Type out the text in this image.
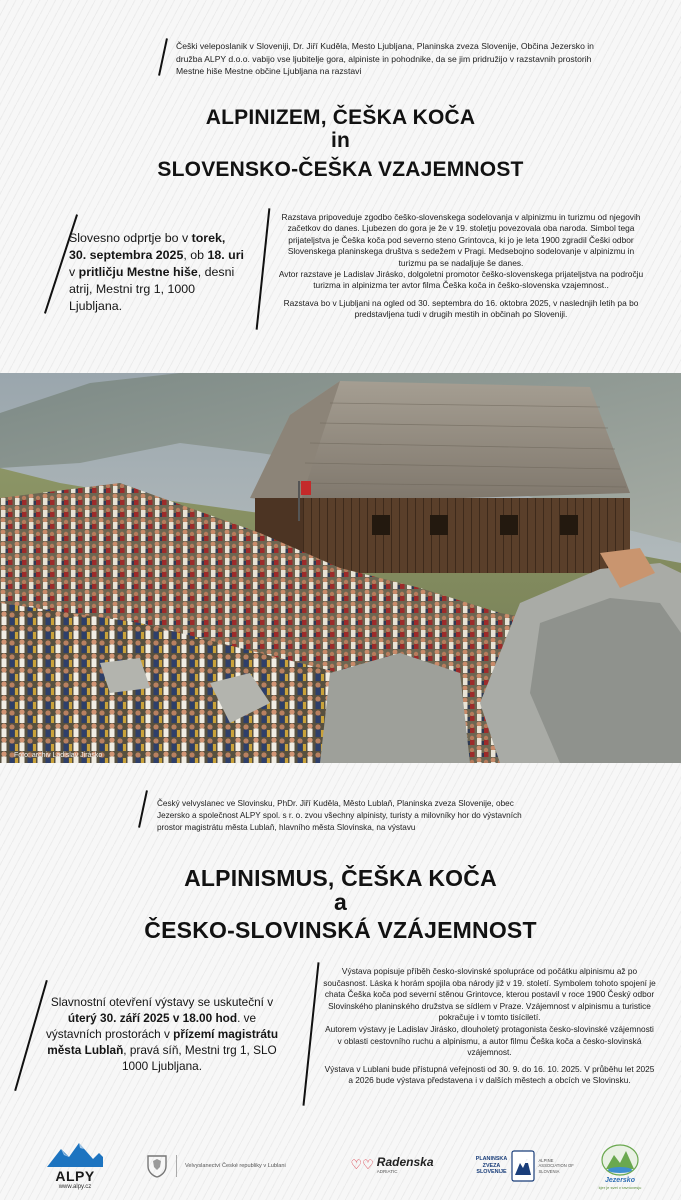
Češki veleposlanik v Sloveniji, Dr. Jiří Kuděla, Mesto Ljubljana, Planinska zveza Slovenije, Občina Jezersko in družba ALPY d.o.o. vabijo vse ljubitelje gora, alpiniste in pohodnike, da se jim pridružijo v razstavnih prostorih Mestne hiše Mestne občine Ljubljana na razstavi
ALPINIZEM, ČEŠKA KOČA
in
SLOVENSKO-ČEŠKA VZAJEMNOST
Slovesno odprtje bo v torek, 30. septembra 2025, ob 18. uri v pritličju Mestne hiše, desni atrij, Mestni trg 1, 1000 Ljubljana.

Razstava pripoveduje zgodbo češko-slovenskega sodelovanja v alpinizmu in turizmu od njegovih začetkov do danes. Ljubezen do gora je že v 19. stoletju povezovala oba naroda. Simbol tega prijateljstva je Češka koča pod severno steno Grintovca, ki jo je leta 1900 zgradil Češki odbor Slovenskega planinskega društva s sedežem v Pragi. Medsebojno sodelovanje v alpinizmu in turizmu pa se nadaljuje še danes.

Avtor razstave je Ladislav Jirásko, dolgoletni promotor češko-slovenskega prijateljstva na področju turizma in alpinizma ter avtor filma Češka koča in češko-slovenska vzajemnost..

Razstava bo v Ljubljani na ogled od 30. septembra do 16. oktobra 2025, v naslednjih letih pa bo predstavljena tudi v drugih mestih in občinah po Sloveniji.

Foto: archiv Ladislav Jirásko
Český velvyslanec ve Slovinsku, PhDr. Jiří Kuděla, Město Lublaň, Planinska zveza Slovenije, obec Jezersko a společnost ALPY spol. s r. o. zvou všechny alpinisty, turisty a milovníky hor do výstavních prostor magistrátu města Lublaň, hlavního města Slovinska, na výstavu
ALPINISMUS, ČEŠKA KOČA
a
ČESKO-SLOVINSKÁ VZÁJEMNOST
Slavnostní otevření výstavy se uskuteční v úterý 30. září 2025 v 18.00 hod. ve výstavních prostorách v přízemí magistrátu města Lublaň, pravá síň, Mestni trg 1, SLO 1000 Ljubljana.

Výstava popisuje příběh česko-slovinské spolupráce od počátku alpinismu až po současnost. Láska k horám spojila oba národy již v 19. století. Symbolem tohoto spojení je chata Češka koča pod severní stěnou Grintovce, kterou postavil v roce 1900 Český odbor Slovinského planinského družstva se sídlem v Praze. Vzájemnost v alpinismu a turistice pokračuje i v tomto tisíciletí.

Autorem výstavy je Ladislav Jirásko, dlouholetý protagonista česko-slovinské vzájemnosti v oblasti cestovního ruchu a alpinismu, a autor filmu Češka koča a česko-slovinská vzájemnost.

Výstava v Lublani bude přístupná veřejnosti od 30. 9. do 16. 10. 2025. V průběhu let 2025 a 2026 bude výstava představena i v dalších městech a obcích ve Slovinsku.

ALPY
www.alpy.cz
Velvyslanectví České republiky v Lublani	♡♡ Radenska
ADRIATIC
PLANINSKA ZVEZA SLOVENIJE
ALPINE ASSOCIATION OF SLOVENIA
Jezersko
kjer je svet v ravnovesju
